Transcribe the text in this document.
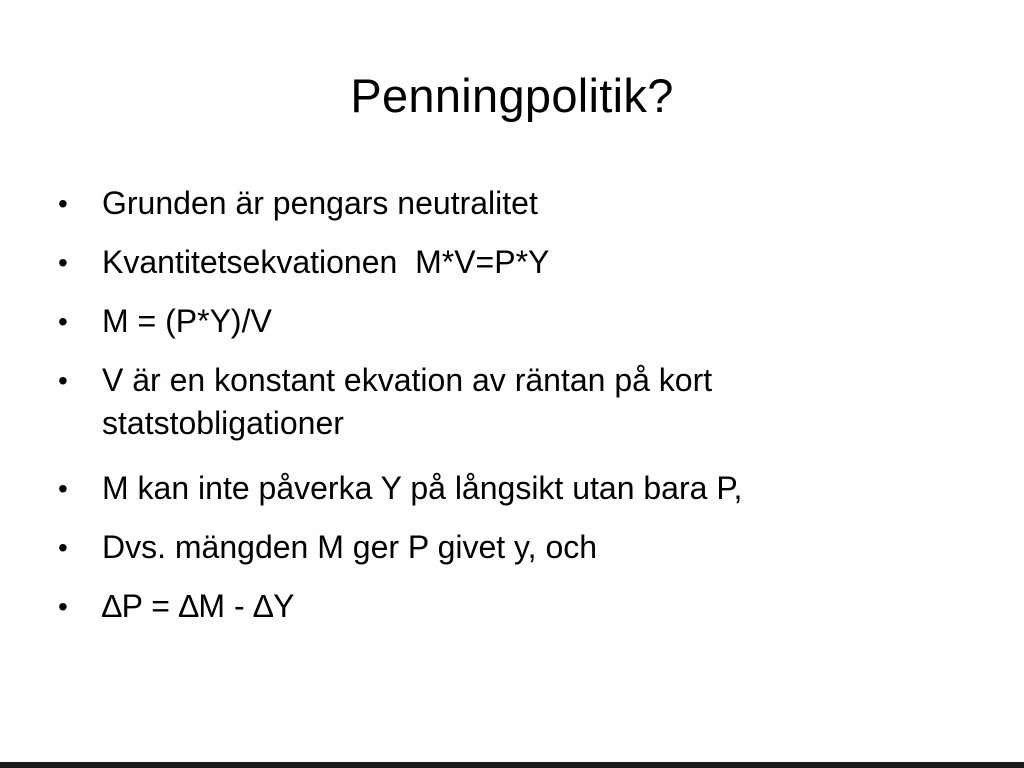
Penningpolitik?
• Grunden är pengars neutralitet
• Kvantitetsekvationen  M*V=P*Y
• M = (P*Y)/V
• V är en konstant ekvation av räntan på kort statstobligationer
• M kan inte påverka Y på långsikt utan bara P,
• Dvs. mängden M ger P givet y, och
• ∆P = ∆M - ∆Y
